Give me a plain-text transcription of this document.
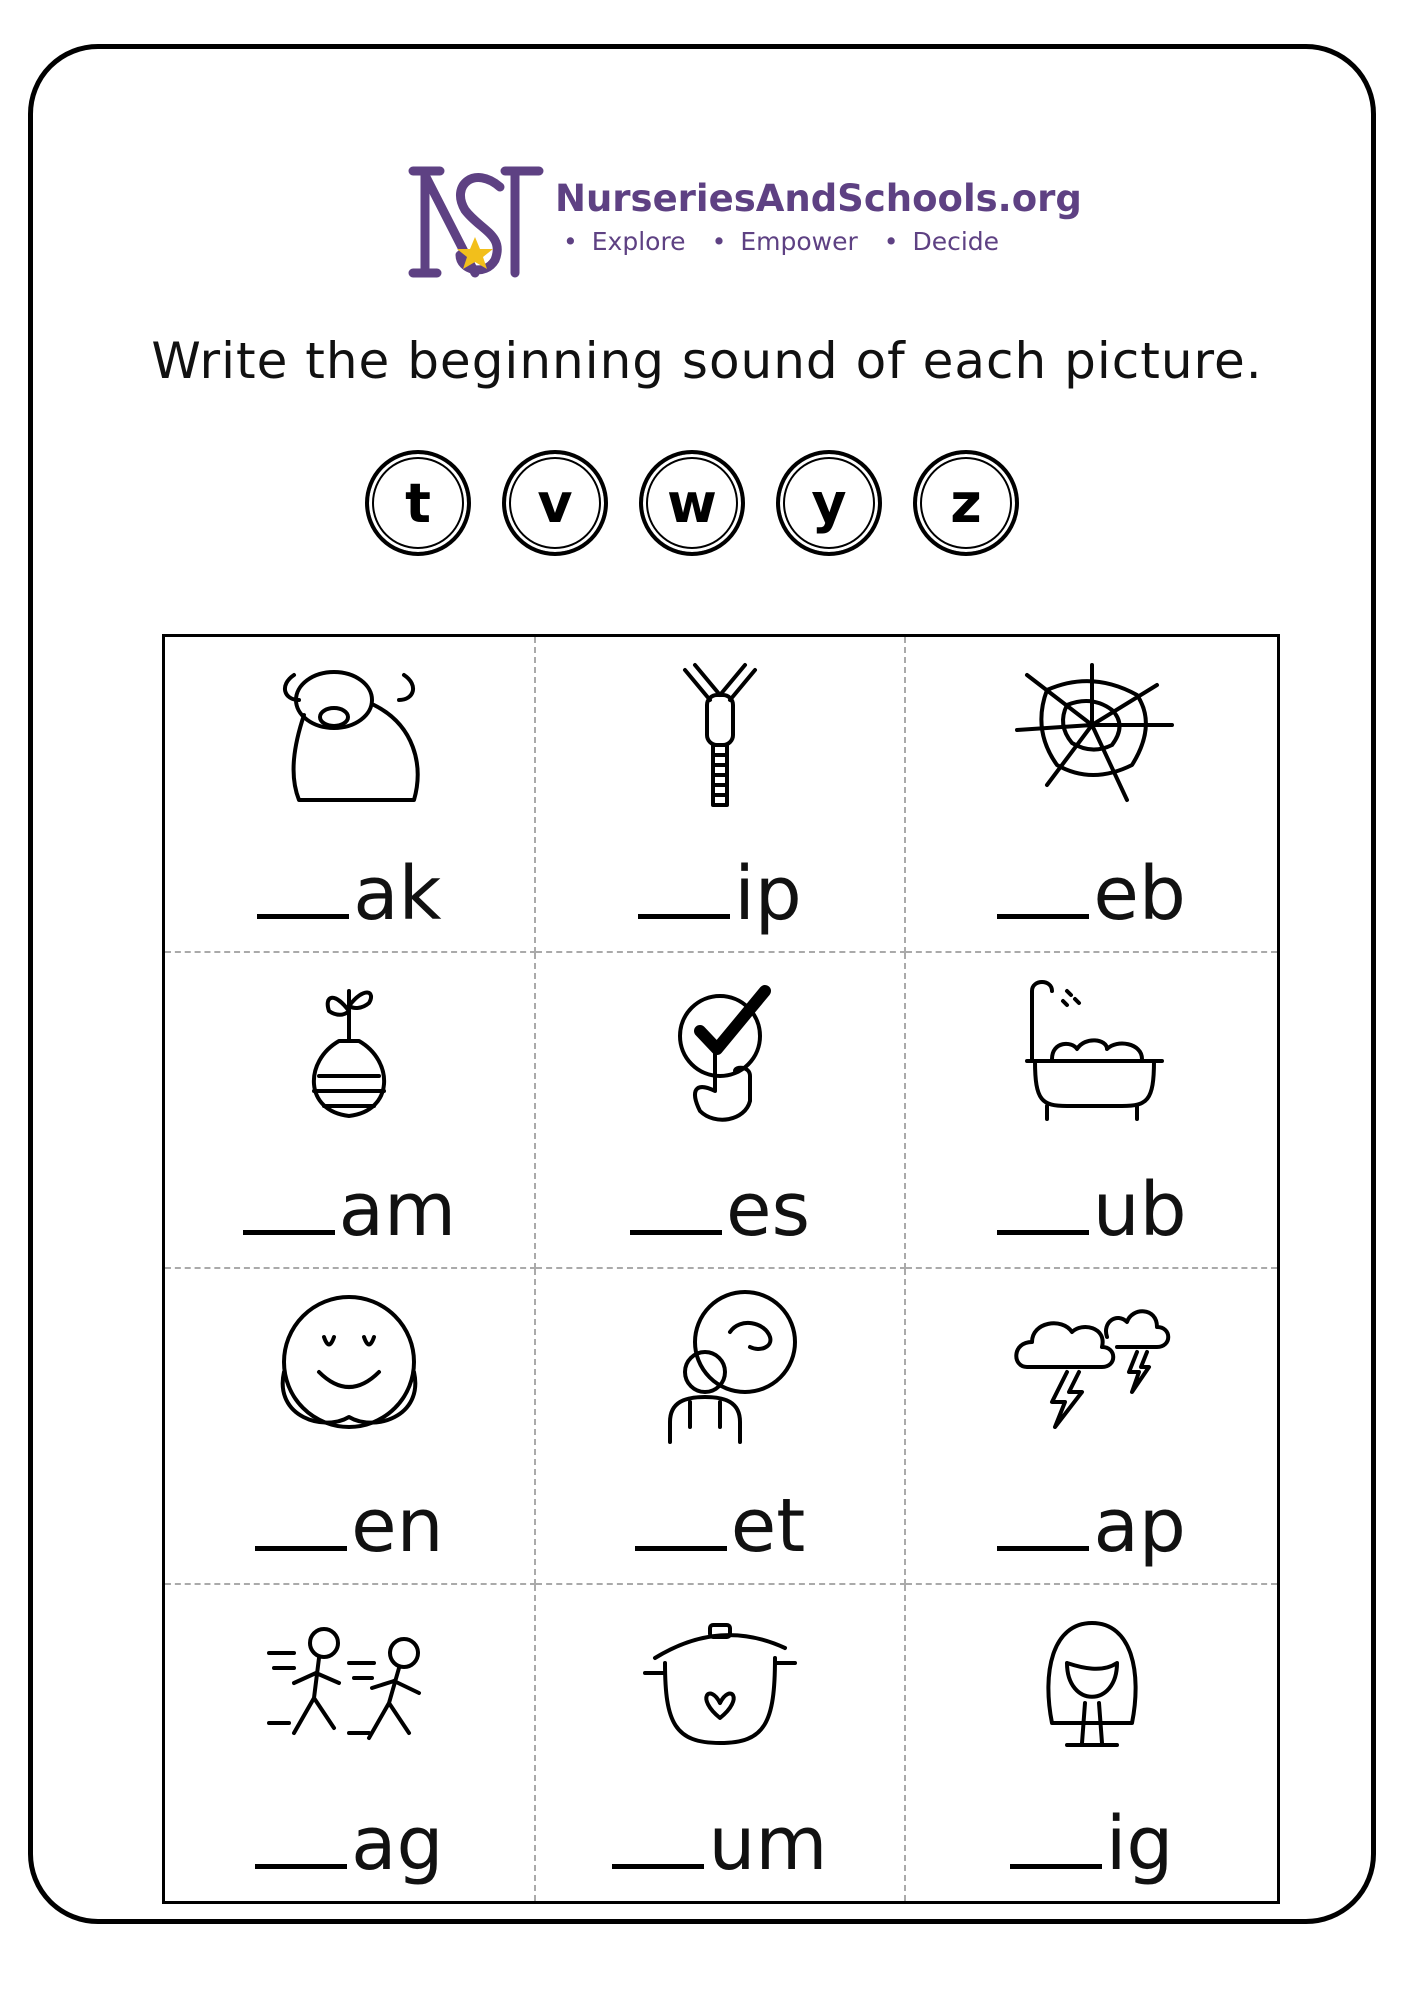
NurseriesAndSchools.org
• Explore	• Empower	• Decide
Write the beginning sound of each picture.
t	v	w	y	z
ak	ip	eb
am	es	ub
en	et	ap
ag	um	ig
